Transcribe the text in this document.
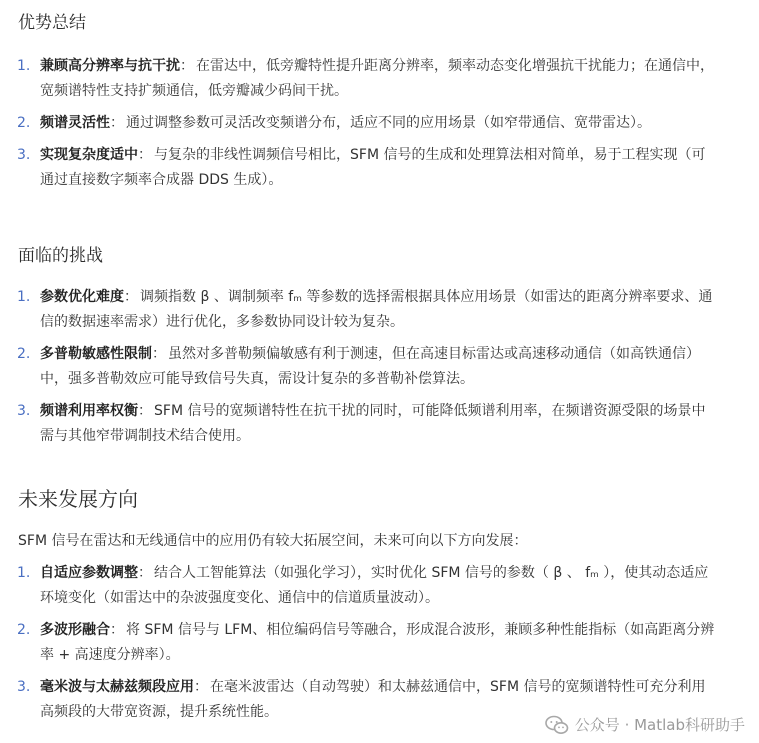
优势总结
1. 兼顾高分辨率与抗干扰： 在雷达中，低旁瓣特性提升距离分辨率，频率动态变化增强抗干扰能力；在通信中，宽频谱特性支持扩频通信，低旁瓣减少码间干扰。
2. 频谱灵活性： 通过调整参数可灵活改变频谱分布，适应不同的应用场景（如窄带通信、宽带雷达）。
3. 实现复杂度适中： 与复杂的非线性调频信号相比，SFM 信号的生成和处理算法相对简单，易于工程实现（可通过直接数字频率合成器 DDS 生成）。
面临的挑战
1. 参数优化难度： 调频指数 β 、调制频率 fₘ 等参数的选择需根据具体应用场景（如雷达的距离分辨率要求、通信的数据速率需求）进行优化，多参数协同设计较为复杂。
2. 多普勒敏感性限制： 虽然对多普勒频偏敏感有利于测速，但在高速目标雷达或高速移动通信（如高铁通信）中，强多普勒效应可能导致信号失真，需设计复杂的多普勒补偿算法。
3. 频谱利用率权衡： SFM 信号的宽频谱特性在抗干扰的同时，可能降低频谱利用率，在频谱资源受限的场景中需与其他窄带调制技术结合使用。
未来发展方向

SFM 信号在雷达和无线通信中的应用仍有较大拓展空间，未来可向以下方向发展：

1. 自适应参数调整： 结合人工智能算法（如强化学习），实时优化 SFM 信号的参数（ β 、 fₘ ），使其动态适应环境变化（如雷达中的杂波强度变化、通信中的信道质量波动）。
2. 多波形融合： 将 SFM 信号与 LFM、相位编码信号等融合，形成混合波形，兼顾多种性能指标（如高距离分辨率 + 高速度分辨率）。
3. 毫米波与太赫兹频段应用： 在毫米波雷达（自动驾驶）和太赫兹通信中，SFM 信号的宽频谱特性可充分利用高频段的大带宽资源，提升系统性能。
公众号 · Matlab科研助手
